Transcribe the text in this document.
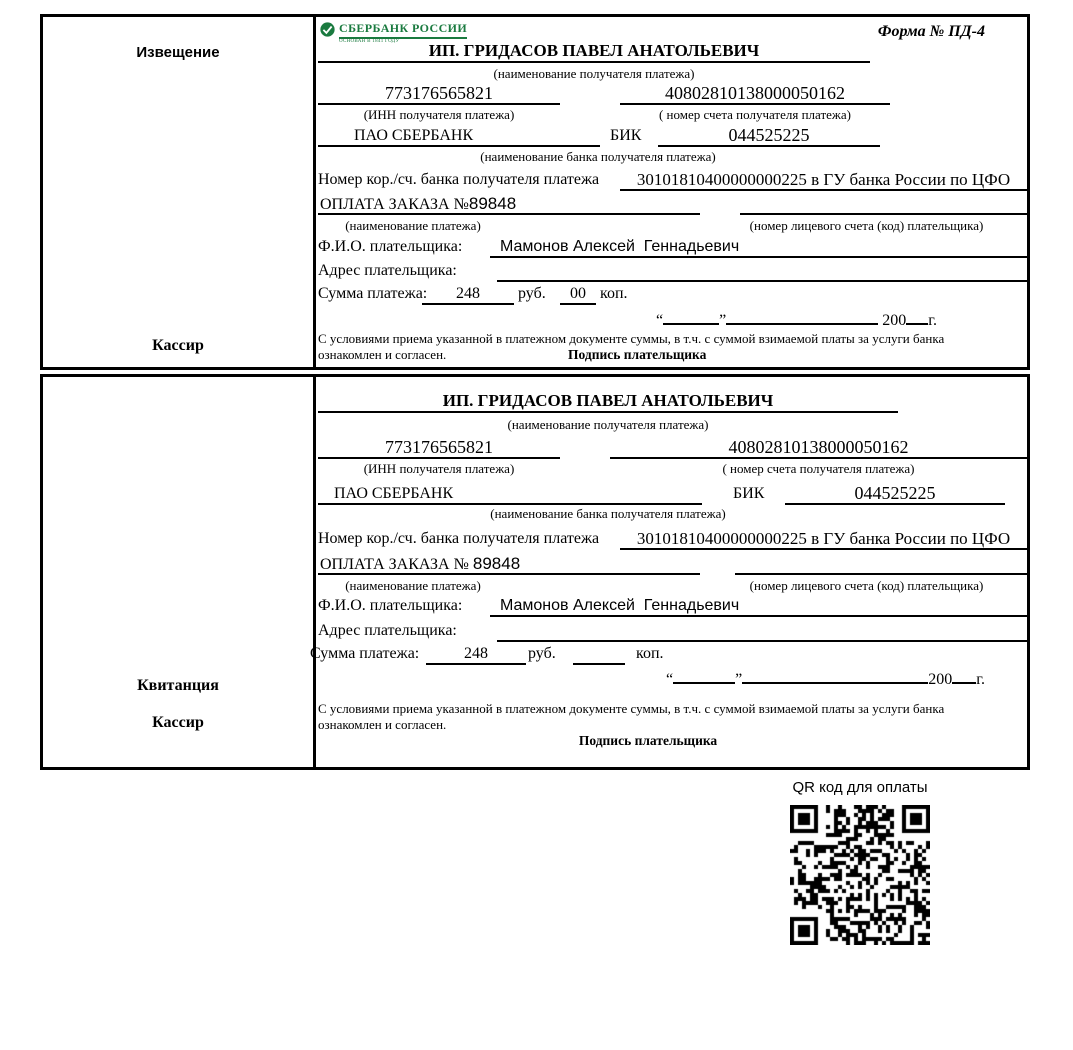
Извещение
Кассир
СБЕРБАНК РОССИИ
ОСНОВАН В 1841 ГОДУ
Форма № ПД-4
ИП. ГРИДАСОВ ПАВЕЛ АНАТОЛЬЕВИЧ
(наименование получателя платежа)
773176565821	40802810138000050162
(ИНН получателя платежа)	( номер счета получателя платежа)
ПАО СБЕРБАНК	БИК	044525225
(наименование банка получателя платежа)
Номер кор./сч. банка получателя платежа	30101810400000000225 в ГУ банка России по ЦФО
ОПЛАТА ЗАКАЗА №89848
(наименование платежа)	(номер лицевого счета (код) плательщика)
Ф.И.О. плательщика:	Мамонов Алексей  Геннадьевич
Адрес плательщика:
Сумма платежа:	248	руб.	00 коп.
“	”	200 г.
С условиями приема указанной в платежном документе суммы, в т.ч. с суммой взимаемой платы за услуги банка
ознакомлен и согласен.	Подпись плательщика
Квитанция
Кассир
ИП. ГРИДАСОВ ПАВЕЛ АНАТОЛЬЕВИЧ
(наименование получателя платежа)
773176565821	40802810138000050162
(ИНН получателя платежа)	( номер счета получателя платежа)
ПАО СБЕРБАНК	БИК	044525225
(наименование банка получателя платежа)
Номер кор./сч. банка получателя платежа	30101810400000000225 в ГУ банка России по ЦФО
ОПЛАТА ЗАКАЗА № 89848
(наименование платежа)	(номер лицевого счета (код) плательщика)
Ф.И.О. плательщика:	Мамонов Алексей  Геннадьевич
Адрес плательщика:
Сумма платежа:	248	руб.	коп.
“	”	200 г.
С условиями приема указанной в платежном документе суммы, в т.ч. с суммой взимаемой платы за услуги банка
ознакомлен и согласен.
Подпись плательщика
QR код для оплаты
